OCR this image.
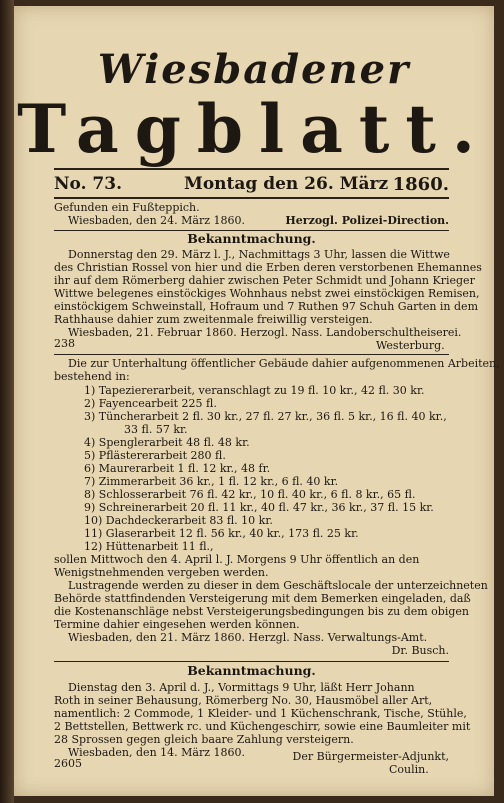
Wiesbadener
Tagblatt.
No. 73.	Montag den 26. März 1860.
Gefunden ein Fußteppich.
Wiesbaden, den 24. März 1860.	Herzogl. Polizei-Direction.
Bekanntmachung.
Donnerstag den 29. März l. J., Nachmittags 3 Uhr, lassen die Wittwe
des Christian Rossel von hier und die Erben deren verstorbenen Ehemannes
ihr auf dem Römerberg dahier zwischen Peter Schmidt und Johann Krieger
Wittwe belegenes einstöckiges Wohnhaus nebst zwei einstöckigen Remisen,
einstöckigem Schweinstall, Hofraum und 7 Ruthen 97 Schuh Garten in dem
Rathhause dahier zum zweitenmale freiwillig versteigen.
Wiesbaden, 21. Februar 1860. Herzogl. Nass. Landoberschultheiserei.
238	Westerburg.
Die zur Unterhaltung öffentlicher Gebäude dahier aufgenommenen Arbeiten,
bestehend in:
1) Tapeziererarbeit, veranschlagt zu 19 fl. 10 kr., 42 fl. 30 kr.
2) Fayencearbeit 225 fl.
3) Tüncherarbeit 2 fl. 30 kr., 27 fl. 27 kr., 36 fl. 5 kr., 16 fl. 40 kr.,
33 fl. 57 kr.
4) Spenglerarbeit 48 fl. 48 kr.
5) Pflästererarbeit 280 fl.
6) Maurerarbeit 1 fl. 12 kr., 48 fr.
7) Zimmerarbeit 36 kr., 1 fl. 12 kr., 6 fl. 40 kr.
8) Schlosserarbeit 76 fl. 42 kr., 10 fl. 40 kr., 6 fl. 8 kr., 65 fl.
9) Schreinerarbeit 20 fl. 11 kr., 40 fl. 47 kr., 36 kr., 37 fl. 15 kr.
10) Dachdeckerarbeit 83 fl. 10 kr.
11) Glaserarbeit 12 fl. 56 kr., 40 kr., 173 fl. 25 kr.
12) Hüttenarbeit 11 fl.,
sollen Mittwoch den 4. April l. J. Morgens 9 Uhr öffentlich an den
Wenigstnehmenden vergeben werden.
Lustragende werden zu dieser in dem Geschäftslocale der unterzeichneten
Behörde stattfindenden Versteigerung mit dem Bemerken eingeladen, daß
die Kostenanschläge nebst Versteigerungsbedingungen bis zu dem obigen
Termine dahier eingesehen werden können.
Wiesbaden, den 21. März 1860. Herzgl. Nass. Verwaltungs-Amt.
Dr. Busch.
Bekanntmachung.
Dienstag den 3. April d. J., Vormittags 9 Uhr, läßt Herr Johann
Roth in seiner Behausung, Römerberg No. 30, Hausmöbel aller Art,
namentlich: 2 Commode, 1 Kleider- und 1 Küchenschrank, Tische, Stühle,
2 Bettstellen, Bettwerk rc. und Küchengeschirr, sowie eine Baumleiter mit
28 Sprossen gegen gleich baare Zahlung versteigern.
Wiesbaden, den 14. März 1860.
2605
Der Bürgermeister-Adjunkt,
Coulin.
